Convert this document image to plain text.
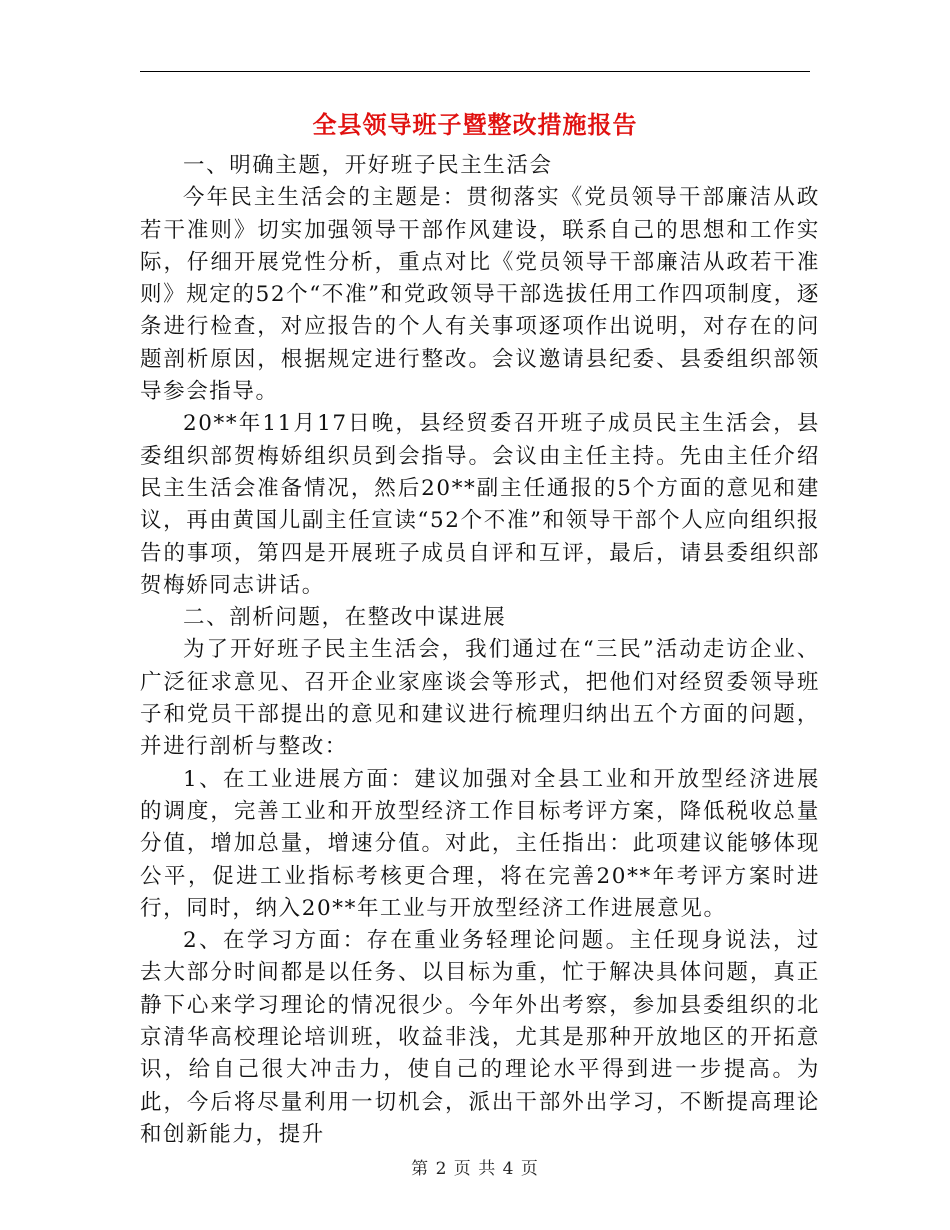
全县领导班子暨整改措施报告

一、明确主题，开好班子民主生活会

今年民主生活会的主题是：贯彻落实《党员领导干部廉洁从政若干准则》切实加强领导干部作风建设，联系自己的思想和工作实际，仔细开展党性分析，重点对比《党员领导干部廉洁从政若干准则》规定的52个“不准”和党政领导干部选拔任用工作四项制度，逐条进行检查，对应报告的个人有关事项逐项作出说明，对存在的问题剖析原因，根据规定进行整改。会议邀请县纪委、县委组织部领导参会指导。

20**年11月17日晚，县经贸委召开班子成员民主生活会，县委组织部贺梅娇组织员到会指导。会议由主任主持。先由主任介绍民主生活会准备情况，然后20**副主任通报的5个方面的意见和建议，再由黄国儿副主任宣读“52个不准”和领导干部个人应向组织报告的事项，第四是开展班子成员自评和互评，最后，请县委组织部贺梅娇同志讲话。

二、剖析问题，在整改中谋进展

为了开好班子民主生活会，我们通过在“三民”活动走访企业、广泛征求意见、召开企业家座谈会等形式，把他们对经贸委领导班子和党员干部提出的意见和建议进行梳理归纳出五个方面的问题，并进行剖析与整改：

1、在工业进展方面：建议加强对全县工业和开放型经济进展的调度，完善工业和开放型经济工作目标考评方案，降低税收总量分值，增加总量，增速分值。对此，主任指出：此项建议能够体现公平，促进工业指标考核更合理，将在完善20**年考评方案时进行，同时，纳入20**年工业与开放型经济工作进展意见。

2、在学习方面：存在重业务轻理论问题。主任现身说法，过去大部分时间都是以任务、以目标为重，忙于解决具体问题，真正静下心来学习理论的情况很少。今年外出考察，参加县委组织的北京清华高校理论培训班，收益非浅，尤其是那种开放地区的开拓意识，给自己很大冲击力，使自己的理论水平得到进一步提高。为此，今后将尽量利用一切机会，派出干部外出学习，不断提高理论和创新能力，提升

第 2 页 共 4 页
